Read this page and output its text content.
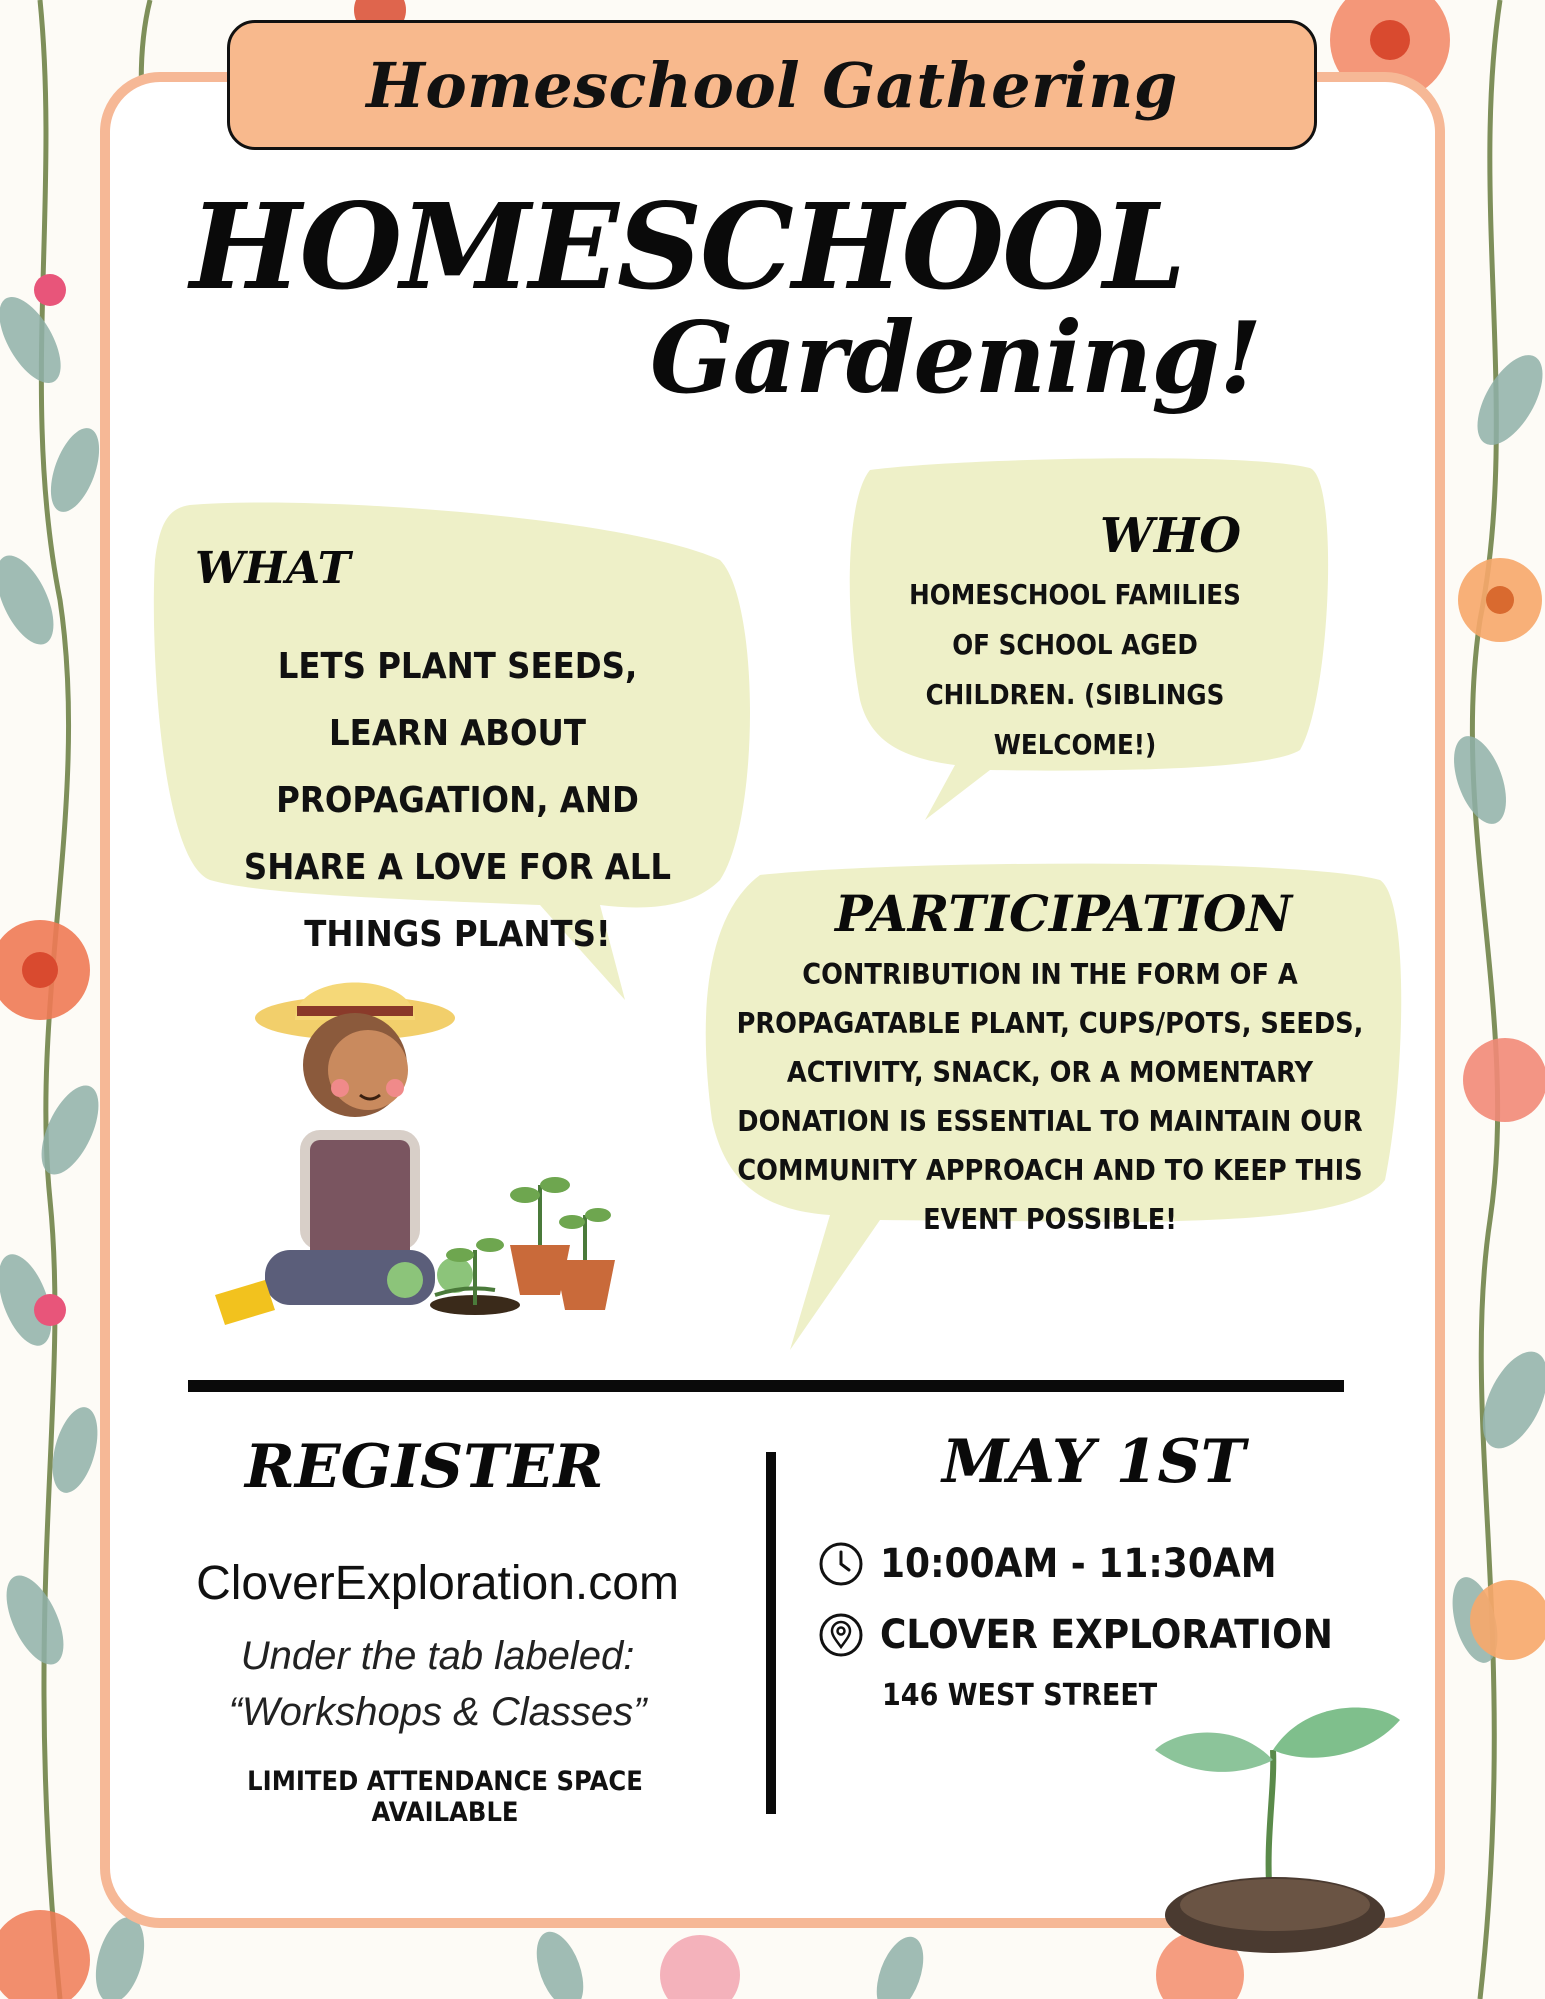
Homeschool Gathering
HOMESCHOOL
Gardening!
WHAT
LETS PLANT SEEDS, LEARN ABOUT PROPAGATION, AND SHARE A LOVE FOR ALL THINGS PLANTS!
WHO
HOMESCHOOL FAMILIES OF SCHOOL AGED CHILDREN. (SIBLINGS WELCOME!)
PARTICIPATION
CONTRIBUTION IN THE FORM OF A PROPAGATABLE PLANT, CUPS/POTS, SEEDS, ACTIVITY, SNACK, OR A MOMENTARY DONATION IS ESSENTIAL TO MAINTAIN OUR COMMUNITY APPROACH AND TO KEEP THIS EVENT POSSIBLE!
REGISTER
CloverExploration.com
Under the tab labeled:
“Workshops & Classes”
LIMITED ATTENDANCE SPACE AVAILABLE
MAY 1ST
10:00AM - 11:30AM
CLOVER EXPLORATION
146 WEST STREET
